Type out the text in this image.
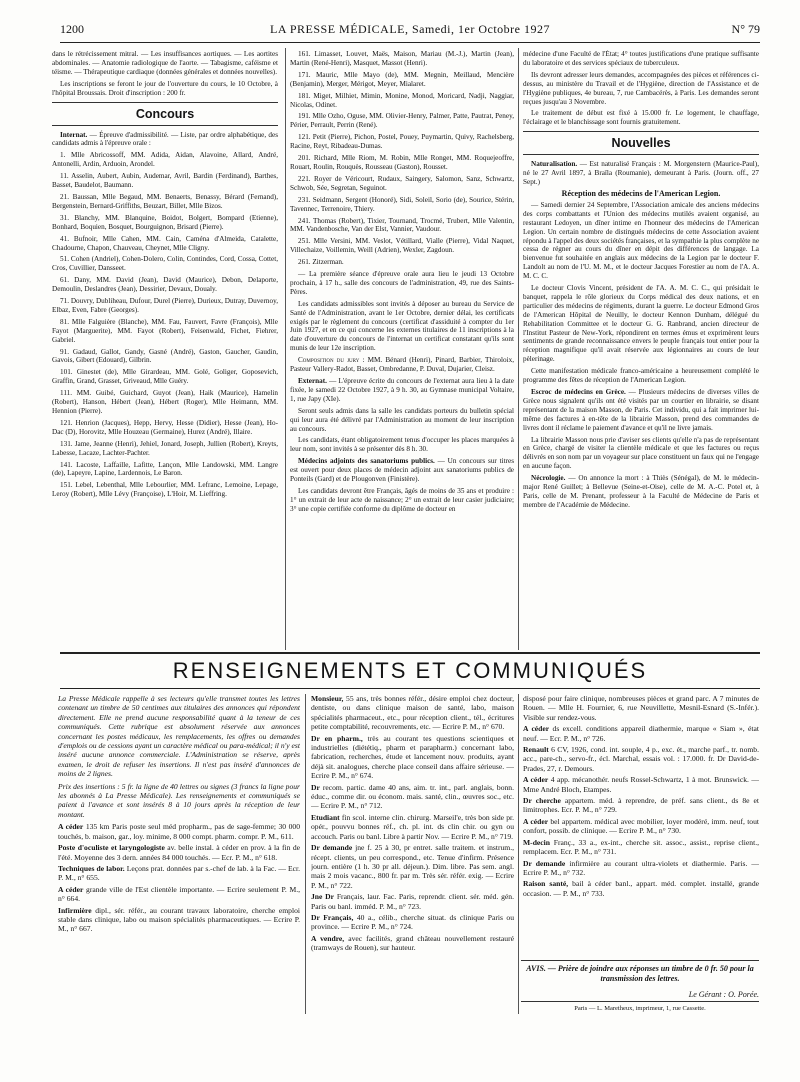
1200	LA PRESSE MÉDICALE, Samedi, 1er Octobre 1927	N° 79

dans le rétrécissement mitral. — Les insuffisances aortiques. — Les aortites abdominales. — Anatomie radiologique de l'aorte. — Tabagisme, caféisme et téisme. — Thérapeutique cardiaque (données générales et données nouvelles).

Les inscriptions se feront le jour de l'ouverture du cours, le 10 Octobre, à l'hôpital Broussais. Droit d'inscription : 200 fr.

Concours

Internat. — Épreuve d'admissibilité. — Liste, par ordre alphabétique, des candidats admis à l'épreuve orale :

1. Mlle Abricossoff, MM. Adida, Aidan, Alavoine, Allard, André, Antonelli, Ardin, Arduoin, Arondel.

11. Asselin, Aubert, Aubin, Audemar, Avril, Bardin (Ferdinand), Barthes, Basset, Baudelot, Baumann.

21. Baussan, Mlle Begaud, MM. Benaerts, Benassy, Bérard (Fernand), Bergenstein, Bernard-Griffiths, Beuzart, Billet, Mlle Bizos.

31. Blanchy, MM. Blanquine, Boidot, Bolgert, Bompard (Etienne), Bonhard, Boquien, Bosquet, Bourguignon, Brisard (Pierre).

41. Bufnoir, Mlle Cahen, MM. Cain, Caména d'Almeida, Catalette, Chadourne, Chapon, Chauveau, Cheynet, Mlle Cligny.

51. Cohen (Andriel), Cohen-Dolero, Colin, Contindes, Cord, Cossa, Cottet, Cros, Cuvillier, Dansseet.

61. Dany, MM. David (Jean), David (Maurice), Debon, Delaporte, Demoulin, Deslandres (Jean), Dessirier, Devaux, Doualy.

71. Douvry, Dubliheau, Dufour, Durel (Pierre), Durieux, Dutray, Duvernoy, Elbaz, Even, Fabre (Georges).

81. Mlle Falguière (Blanche), MM. Fau, Fauvert, Favre (François), Mlle Fayot (Marguerite), MM. Fayot (Robert), Feisenwald, Fichet, Fiehrer, Gabriel.

91. Gadaud, Gallot, Gandy, Gasné (André), Gaston, Gaucher, Gaudin, Gavois, Gibert (Edouard), Gilbrin.

101. Ginestet (de), Mlle Girardeau, MM. Golé, Goliger, Goposevich, Graffin, Grand, Grasset, Griveaud, Mlle Guéry.

111. MM. Guibé, Guichard, Guyot (Jean), Haik (Maurice), Hamelin (Robert), Hanson, Hébert (Jean), Hébert (Roger), Mlle Heimann, MM. Hennion (Pierre).

121. Henrion (Jacques), Hepp, Hervy, Hesse (Didier), Hesse (Jean), Ho-Dac (D), Horovitz, Mlle Houzeau (Germaine), Hurez (André), Illaire.

131. Jame, Jeanne (Henri), Jehiel, Jonard, Joseph, Jullien (Robert), Kreyts, Labesse, Lacaze, Lachter-Pachter.

141. Lacoste, Laffaille, Lafitte, Lançon, Mlle Landowski, MM. Langre (de), Lapeyre, Lapine, Lardennois, Le Baron.

151. Lebel, Lebenthal, Mlle Lebourlier, MM. Lefranc, Lemoine, Lepage, Leroy (Robert), Mlle Lévy (Françoise), L'Hoir, M. Lieffring.

161. Limasset, Louvet, Maës, Maison, Mariau (M.-J.), Martin (Jean), Martin (René-Henri), Masquet, Massot (Henri).

171. Mauric, Mlle Mayo (de), MM. Megnin, Meillaud, Mencière (Benjamin), Merger, Mérigot, Meyer, Mialaret.

181. Miget, Milhiet, Mimin, Monine, Monod, Moricard, Nadji, Naggiar, Nicolas, Odinet.

191. Mlle Ozho, Oguse, MM. Olivier-Henry, Palmer, Patte, Pautrat, Peney, Périer, Perrault, Perrin (René).

121. Petit (Pierre), Pichon, Postel, Pouey, Puymartin, Quivy, Rachelsberg, Racine, Reyt, Ribadeau-Dumas.

201. Richard, Mlle Riom, M. Robin, Mlle Ronget, MM. Roquejeoffre, Rouart, Roulin, Rouquès, Rousseau (Gaston), Rousset.

221. Royer de Véricourt, Rudaux, Saingery, Salomon, Sanz, Schwartz, Schwob, Sée, Segretan, Seguinot.

231. Seidmann, Sergent (Honoré), Sidi, Soleil, Sorio (de), Sourice, Stérin, Tavennec, Terrenoire, Thiery.

241. Thomas (Robert), Tixier, Tournand, Trocmé, Trubert, Mlle Valentin, MM. Vandenbosche, Van der Elst, Vannier, Vaudour.

251. Mlle Versini, MM. Veslot, Vétillard, Vialle (Pierre), Vidal Naquet, Villechaize, Voillemin, Weill (Adrien), Wexler, Zagdoun.

261. Zitzerman.

— La première séance d'épreuve orale aura lieu le jeudi 13 Octobre prochain, à 17 h., salle des concours de l'administration, 49, rue des Saints-Pères.

Les candidats admissibles sont invités à déposer au bureau du Service de Santé de l'Administration, avant le 1er Octobre, dernier délai, les certificats exigés par le règlement du concours (certificat d'assiduité à compter du 1er Juin 1927, et en ce qui concerne les externes titulaires de 11 inscriptions à la date d'ouverture du concours de l'internat un certificat constatant qu'ils sont munis de leur 12e inscription.

Composition du jury : MM. Bénard (Henri), Pinard, Barbier, Thiroloix, Pasteur Vallery-Radot, Basset, Ombredanne, P. Duval, Dujarier, Cleisz.

Externat. — L'épreuve écrite du concours de l'externat aura lieu à la date fixée, le samedi 22 Octobre 1927, à 9 h. 30, au Gymnase municipal Voltaire, 1, rue Japy (XIe).

Seront seuls admis dans la salle les candidats porteurs du bulletin spécial qui leur aura été délivré par l'Administration au moment de leur inscription au concours.

Les candidats, étant obligatoirement tenus d'occuper les places marquées à leur nom, sont invités à se présenter dès 8 h. 30.

Médecins adjoints des sanatoriums publics. — Un concours sur titres est ouvert pour deux places de médecin adjoint aux sanatoriums publics de Ponteils (Gard) et de Plougonven (Finistère).

Les candidats devront être Français, âgés de moins de 35 ans et produire : 1° un extrait de leur acte de naissance; 2° un extrait de leur casier judiciaire; 3° une copie certifiée conforme du diplôme de docteur en

médecine d'une Faculté de l'État; 4° toutes justifications d'une pratique suffisante du laboratoire et des services spéciaux de tuberculeux.

Ils devront adresser leurs demandes, accompagnées des pièces et références ci-dessus, au ministère du Travail et de l'Hygiène, direction de l'Assistance et de l'Hygiène publiques, 4e bureau, 7, rue Cambacérès, à Paris. Les demandes seront reçues jusqu'au 3 Novembre.

Le traitement de début est fixé à 15.000 fr. Le logement, le chauffage, l'éclairage et le blanchissage sont fournis gratuitement.

Nouvelles

Naturalisation. — Est naturalisé Français : M. Morgenstern (Maurice-Paul), né le 27 Avril 1897, à Braïla (Roumanie), demeurant à Paris. (Journ. off., 27 Sept.)

Réception des médecins de l'American Legion.

— Samedi dernier 24 Septembre, l'Association amicale des anciens médecins des corps combattants et l'Union des médecins mutilés avaient organisé, au restaurant Ledoyen, un dîner intime en l'honneur des médecins de l'American Legion. Un certain nombre de distingués médecins de cette Association avaient répondu à l'appel des deux sociétés françaises, et la sympathie la plus complète ne cessa de régner au cours du dîner en dépit des différences de langage. La bienvenue fut souhaitée en anglais aux médecins de la Legion par le docteur F. Landolt au nom de l'U. M. M., et le docteur Jacques Forestier au nom de l'A. A. M. C. C.

Le docteur Clovis Vincent, président de l'A. A. M. C. C., qui présidait le banquet, rappela le rôle glorieux du Corps médical des deux nations, et en particulier des médecins de régiments, durant la guerre. Le docteur Edmond Gros de l'American Hôpital de Neuilly, le docteur Kennon Dunham, délégué du Rehabilitation Committee et le docteur G. G. Ranbrand, ancien directeur de l'Institut Pasteur de New-York, répondirent en termes émus et exprimèrent leurs sentiments de grande reconnaissance envers le peuple français tout entier pour la réception magnifique qu'il avait réservée aux légionnaires au cours de leur pèlerinage.

Cette manifestation médicale franco-américaine a heureusement complété le programme des fêtes de réception de l'American Legion.

Escroc de médecins en Grèce. — Plusieurs médecins de diverses villes de Grèce nous signalent qu'ils ont été visités par un courtier en librairie, se disant représentant de la maison Masson, de Paris. Cet individu, qui a fait imprimer lui-même des factures à en-tête de la librairie Masson, prend des commandes de livres dont il réclame le paiement d'avance et qu'il ne livre jamais.

La librairie Masson nous prie d'aviser ses clients qu'elle n'a pas de représentant en Grèce, chargé de visiter la clientèle médicale et que les factures ou reçus délivrés en son nom par un voyageur sur place constituent un faux qui ne l'engage en aucune façon.

Nécrologie. — On annonce la mort : à Thiès (Sénégal), de M. le médecin-major René Guillet; à Bellevue (Seine-et-Oise), celle de M. A.-C. Potel et, à Paris, celle de M. Prenant, professeur à la Faculté de Médecine de Paris et membre de l'Académie de Médecine.

RENSEIGNEMENTS ET COMMUNIQUÉS

La Presse Médicale rappelle à ses lecteurs qu'elle transmet toutes les lettres contenant un timbre de 50 centimes aux titulaires des annonces qui répondent directement. Elle ne prend aucune responsabilité quant à la teneur de ces communiqués. Cette rubrique est absolument réservée aux annonces concernant les postes médicaux, les remplacements, les offres ou demandes d'emplois ou de cessions ayant un caractère médical ou para-médical; il n'y est inséré aucune annonce commerciale. L'Administration se réserve, après examen, le droit de refuser les insertions. Il n'est pas inséré d'annonces de moins de 2 lignes.

Prix des insertions : 5 fr. la ligne de 40 lettres ou signes (3 francs la ligne pour les abonnés à La Presse Médicale). Les renseignements et communiqués se paient à l'avance et sont insérés 8 à 10 jours après la réception de leur montant.

A céder 135 km Paris poste seul méd propharm., pas de sage-femme; 30 000 touchés, b. maison, gar., loy. minime, 8 000 compt. pharm. compr. P. M., 611.

Poste d'oculiste et laryngologiste av. belle instal. à céder en prov. à la fin de l'été. Moyenne des 3 dern. années 84 000 touchés. — Ecr. P. M., n° 618.

Techniques de labor. Leçons prat. données par s.-chef de lab. à la Fac. — Ecr. P. M., n° 655.

A céder grande ville de l'Est clientèle importante. — Ecrire seulement P. M., n° 664.

Infirmière dipl., sér. référ., au courant travaux laboratoire, cherche emploi stable dans clinique, labo ou maison spécialités pharmaceutiques. — Ecrire P. M., n° 667.

Monsieur, 55 ans, très bonnes référ., désire emploi chez docteur, dentiste, ou dans clinique maison de santé, labo, maison spécialités pharmaceut., etc., pour réception client., tél., écritures petite comptabilité, recouvrements, etc. — Ecrire P. M., n° 670.

Dr en pharm., très au courant tes questions scientiques et industrielles (diététiq., pharm et parapharm.) concernant labo, fabrication, recherches, étude et lancement nouv. produits, ayant déjà sit. analogues, cherche place conseil dans affaire sérieuse. — Ecrire P. M., n° 674.

Dr recom. partic. dame 40 ans, aim. tr. int., parl. anglais, bonn. éduc., comme dir. ou économ. mais. santé, clin., œuvres soc., etc. — Ecrire P. M., n° 712.

Etudiant fin scol. interne clin. chirurg. Marseil'e, très bon side pr. opér., pouvvu bonnes réf., ch. pl. int. ds clin chir. ou gyn ou accouch. Paris ou banl. Libre à partir Nov. — Ecrire P. M., n° 719.

Dr demande jne f. 25 à 30, pr entret. salle traitem. et instrum., récept. clients, un peu correspond., etc. Tenue d'infirm. Présence journ. entière (1 h. 30 pr all. déjeun.). Dim. libre. Pas sem. angl. mais 2 mois vacanc., 800 fr. par m. Très sér. référ. exig. — Ecrire P. M., n° 722.

Jne Dr Français, laur. Fac. Paris, reprendr. client. sér. méd. gén. Paris ou banl. imméd. P. M., n° 723.

Dr Français, 40 a., célib., cherche situat. ds clinique Paris ou province. — Ecrire P. M., n° 724.

A vendre, avec facilités, grand château nouvellement restauré (tramways de Rouen), sur hauteur.

disposé pour faire clinique, nombreuses pièces et grand parc. A 7 minutes de Rouen. — Mlle H. Fournier, 6, rue Neuvillette, Mesnil-Esnard (S.-Infér.). Visible sur rendez-vous.

A céder ds excell. conditions appareil diathermie, marque « Siam », état neuf. — Ecr. P. M., n° 726.

Renault 6 CV, 1926, cond. int. souple, 4 p., exc. ét., marche parf., tr. nomb. acc., pare-ch., servo-fr., écl. Marchal, essais vol. : 17.000. fr. Dr David-de-Prades, 27, r. Demours.

A céder 4 app. mécanothér. neufs Rossel-Schwartz, 1 à mot. Brunswick. — Mme André Bloch, Etampes.

Dr cherche appartem. méd. à reprendre, de préf. sans client., ds 8e et limitrophes. Ecr. P. M., n° 729.

A céder bel appartem. médical avec mobilier, loyer modéré, imm. neuf, tout confort, possib. de clinique. — Ecrire P. M., n° 730.

M-decin Franç., 33 a., ex-int., cherche sit. assoc., assist., reprise client., remplacem. Ecr. P. M., n° 731.

Dr demande infirmière au courant ultra-violets et diathermie. Paris. — Ecrire P. M., n° 732.

Raison santé, bail à céder banl., appart. méd. complet. installé, grande occasion. — P. M., n° 733.

AVIS. — Prière de joindre aux réponses un timbre de 0 fr. 50 pour la transmission des lettres.
Le Gérant : O. Porée.
Paris — L. Maretheux, imprimeur, 1, rue Cassette.
